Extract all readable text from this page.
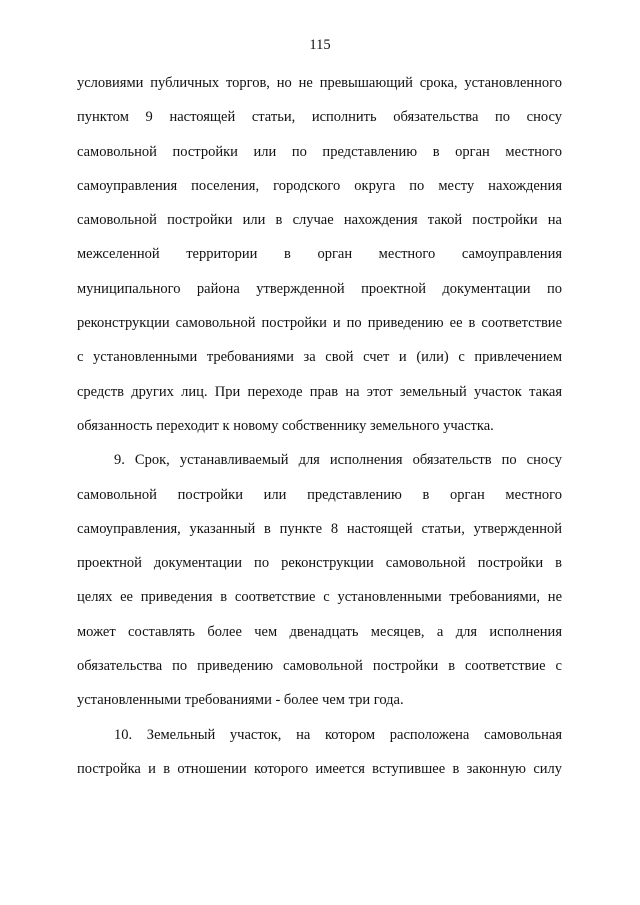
115
условиями публичных торгов, но не превышающий срока, установленного
пунктом 9 настоящей статьи, исполнить обязательства по сносу
самовольной постройки или по представлению в орган местного
самоуправления поселения, городского округа по месту нахождения
самовольной постройки или в случае нахождения такой постройки на
межселенной территории в орган местного самоуправления
муниципального района утвержденной проектной документации по
реконструкции самовольной постройки и по приведению ее в соответствие
с установленными требованиями за свой счет и (или) с привлечением
средств других лиц. При переходе прав на этот земельный участок такая
обязанность переходит к новому собственнику земельного участка.
9. Срок, устанавливаемый для исполнения обязательств по сносу
самовольной постройки или представлению в орган местного
самоуправления, указанный в пункте 8 настоящей статьи, утвержденной
проектной документации по реконструкции самовольной постройки в
целях ее приведения в соответствие с установленными требованиями, не
может составлять более чем двенадцать месяцев, а для исполнения
обязательства по приведению самовольной постройки в соответствие с
установленными требованиями - более чем три года.
10. Земельный участок, на котором расположена самовольная
постройка и в отношении которого имеется вступившее в законную силу
